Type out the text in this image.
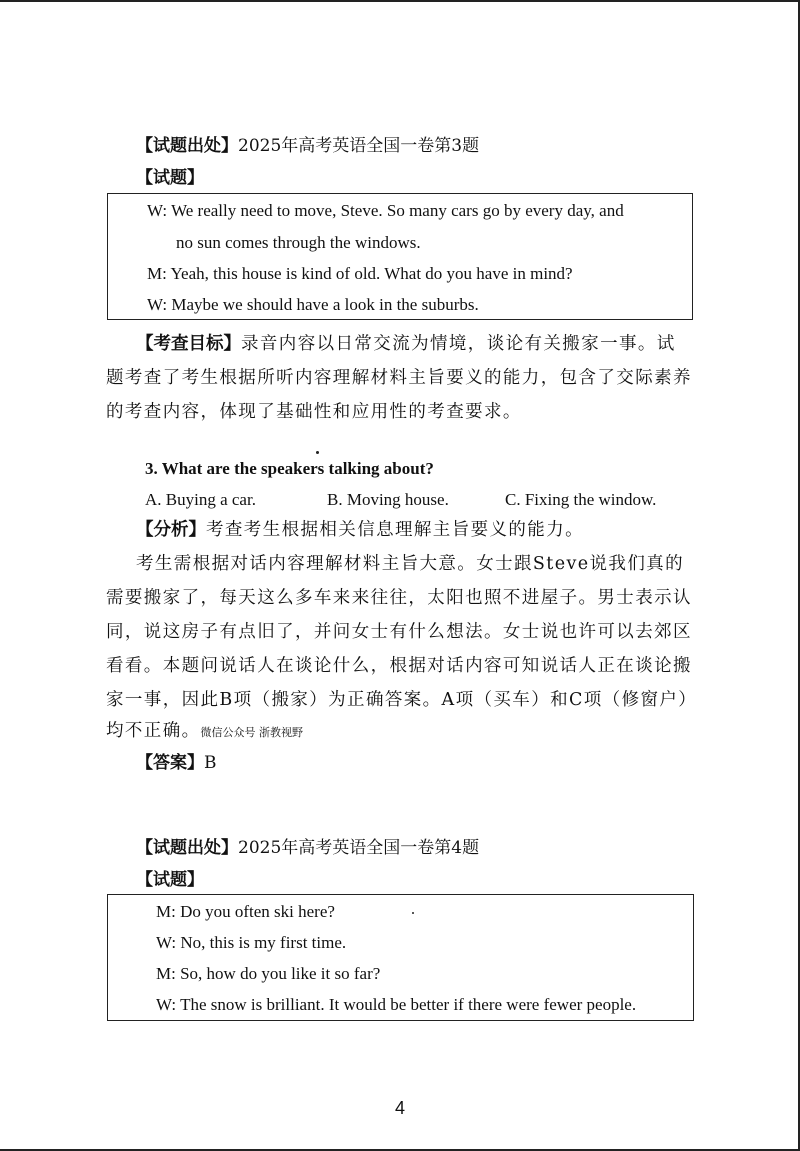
【试题出处】2025年高考英语全国一卷第3题
【试题】
W: We really need to move, Steve. So many cars go by every day, and
no sun comes through the windows.
M: Yeah, this house is kind of old. What do you have in mind?
W: Maybe we should have a look in the suburbs.
【考查目标】录音内容以日常交流为情境，谈论有关搬家一事。试
题考查了考生根据所听内容理解材料主旨要义的能力，包含了交际素养
的考查内容，体现了基础性和应用性的考查要求。
3. What are the speakers talking about?
A. Buying a car.	B. Moving house.	C. Fixing the window.
【分析】考查考生根据相关信息理解主旨要义的能力。
考生需根据对话内容理解材料主旨大意。女士跟Steve说我们真的
需要搬家了，每天这么多车来来往往，太阳也照不进屋子。男士表示认
同，说这房子有点旧了，并问女士有什么想法。女士说也许可以去郊区
看看。本题问说话人在谈论什么，根据对话内容可知说话人正在谈论搬
家一事，因此B项（搬家）为正确答案。A项（买车）和C项（修窗户）
均不正确。微信公众号 浙教视野
【答案】B
【试题出处】2025年高考英语全国一卷第4题
【试题】
M: Do you often ski here?
W: No, this is my first time.
M: So, how do you like it so far?
W: The snow is brilliant. It would be better if there were fewer people.
4
